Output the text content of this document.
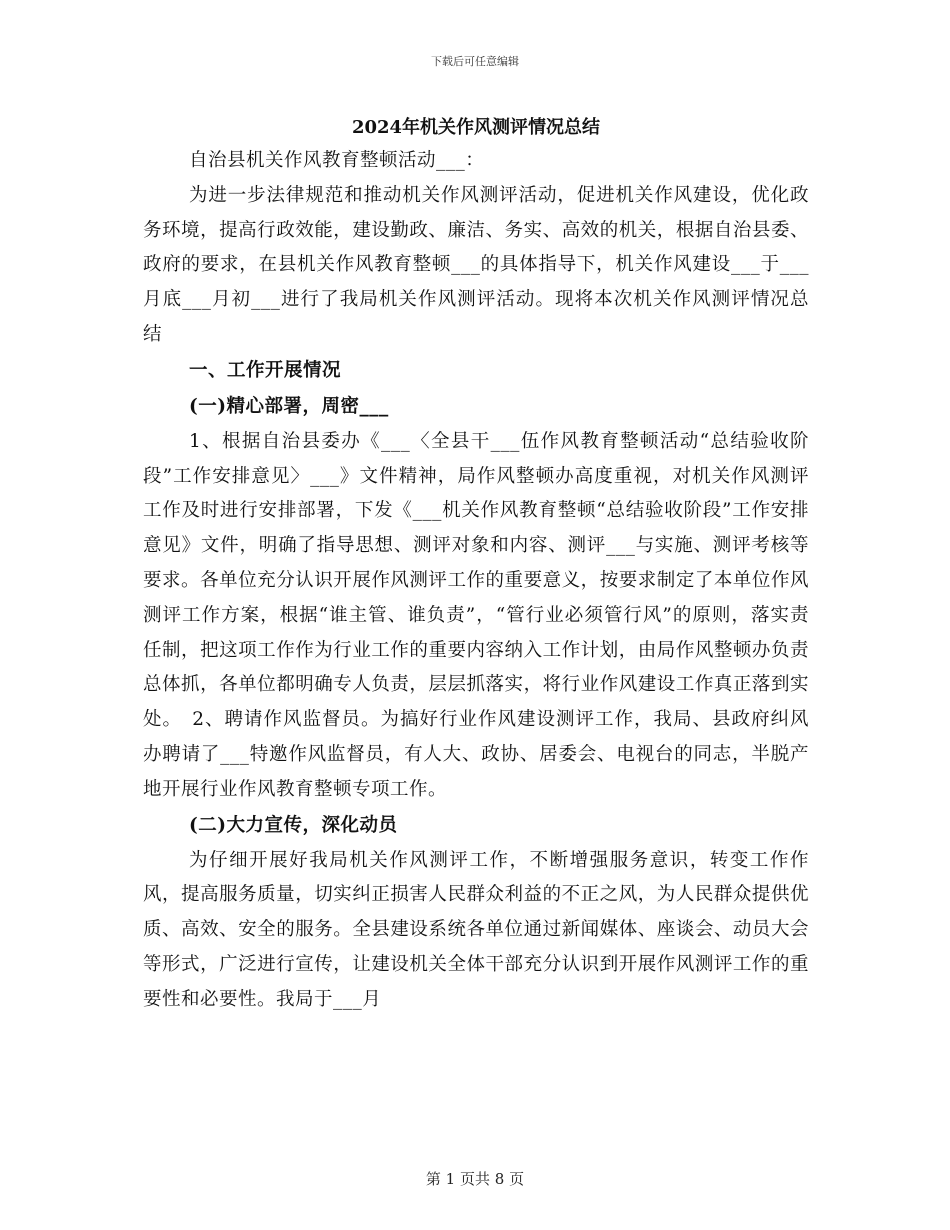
下载后可任意编辑
2024年机关作风测评情况总结

自治县机关作风教育整顿活动___：

为进一步法律规范和推动机关作风测评活动，促进机关作风建设，优化政务环境，提高行政效能，建设勤政、廉洁、务实、高效的机关，根据自治县委、政府的要求，在县机关作风教育整顿___的具体指导下，机关作风建设___于___月底___月初___进行了我局机关作风测评活动。现将本次机关作风测评情况总结

一、工作开展情况

(一)精心部署，周密___

1、根据自治县委办《___〈全县干___伍作风教育整顿活动“总结验收阶段”工作安排意见〉___》文件精神，局作风整顿办高度重视，对机关作风测评工作及时进行安排部署，下发《___机关作风教育整顿“总结验收阶段”工作安排意见》文件，明确了指导思想、测评对象和内容、测评___与实施、测评考核等要求。各单位充分认识开展作风测评工作的重要意义，按要求制定了本单位作风测评工作方案，根据“谁主管、谁负责”，“管行业必须管行风”的原则，落实责任制，把这项工作作为行业工作的重要内容纳入工作计划，由局作风整顿办负责总体抓，各单位都明确专人负责，层层抓落实，将行业作风建设工作真正落到实处。　2、聘请作风监督员。为搞好行业作风建设测评工作，我局、县政府纠风办聘请了___特邀作风监督员，有人大、政协、居委会、电视台的同志，半脱产地开展行业作风教育整顿专项工作。

(二)大力宣传，深化动员

为仔细开展好我局机关作风测评工作，不断增强服务意识，转变工作作风，提高服务质量，切实纠正损害人民群众利益的不正之风，为人民群众提供优质、高效、安全的服务。全县建设系统各单位通过新闻媒体、座谈会、动员大会等形式，广泛进行宣传，让建设机关全体干部充分认识到开展作风测评工作的重要性和必要性。我局于___月

第 1 页共 8 页
